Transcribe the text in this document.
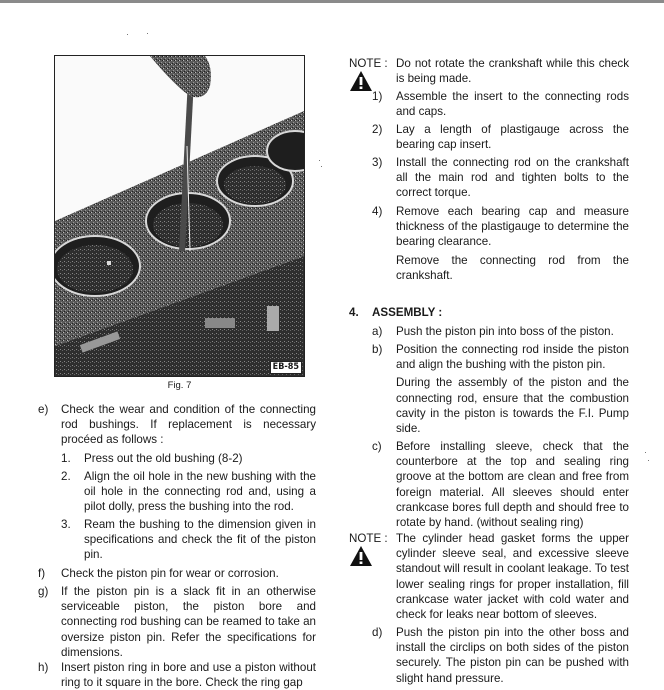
EB-85
Fig. 7
e) Check the wear and condition of the connecting rod bushings. If replacement is necessary procéed as follows :
1. Press out the old bushing (8-2)
2. Align the oil hole in the new bushing with the oil hole in the connecting rod and, using a pilot dolly, press the bushing into the rod.
3. Ream the bushing to the dimension given in specifications and check the fit of the piston pin.
f) Check the piston pin for wear or corrosion.
g) If the piston pin is a slack fit in an otherwise serviceable piston, the piston bore and connecting rod bushing can be reamed to take an oversize piston pin. Refer the specifications for dimensions.
h) Insert piston ring in bore and use a piston without ring to it square in the bore. Check the ring gap
NOTE : Do not rotate the crankshaft while this check is being made.
1) Assemble the insert to the connecting rods and caps.
2) Lay a length of plastigauge across the bearing cap insert.
3) Install the connecting rod on the crankshaft all the main rod and tighten bolts to the correct torque.
4) Remove each bearing cap and measure thickness of the plastigauge to determine the bearing clearance.
Remove the connecting rod from the crankshaft.
4. ASSEMBLY :
a) Push the piston pin into boss of the piston.
b) Position the connecting rod inside the piston and align the bushing with the piston pin.
During the assembly of the piston and the connecting rod, ensure that the combustion cavity in the piston is towards the F.I. Pump side.
c) Before installing sleeve, check that the counterbore at the top and sealing ring groove at the bottom are clean and free from foreign material. All sleeves should enter crankcase bores full depth and should free to rotate by hand. (without sealing ring)
NOTE : The cylinder head gasket forms the upper cylinder sleeve seal, and excessive sleeve standout will result in coolant leakage. To test lower sealing rings for proper installation, fill crankcase water jacket with cold water and check for leaks near bottom of sleeves.
d) Push the piston pin into the other boss and install the circlips on both sides of the piston securely. The piston pin can be pushed with slight hand pressure.
